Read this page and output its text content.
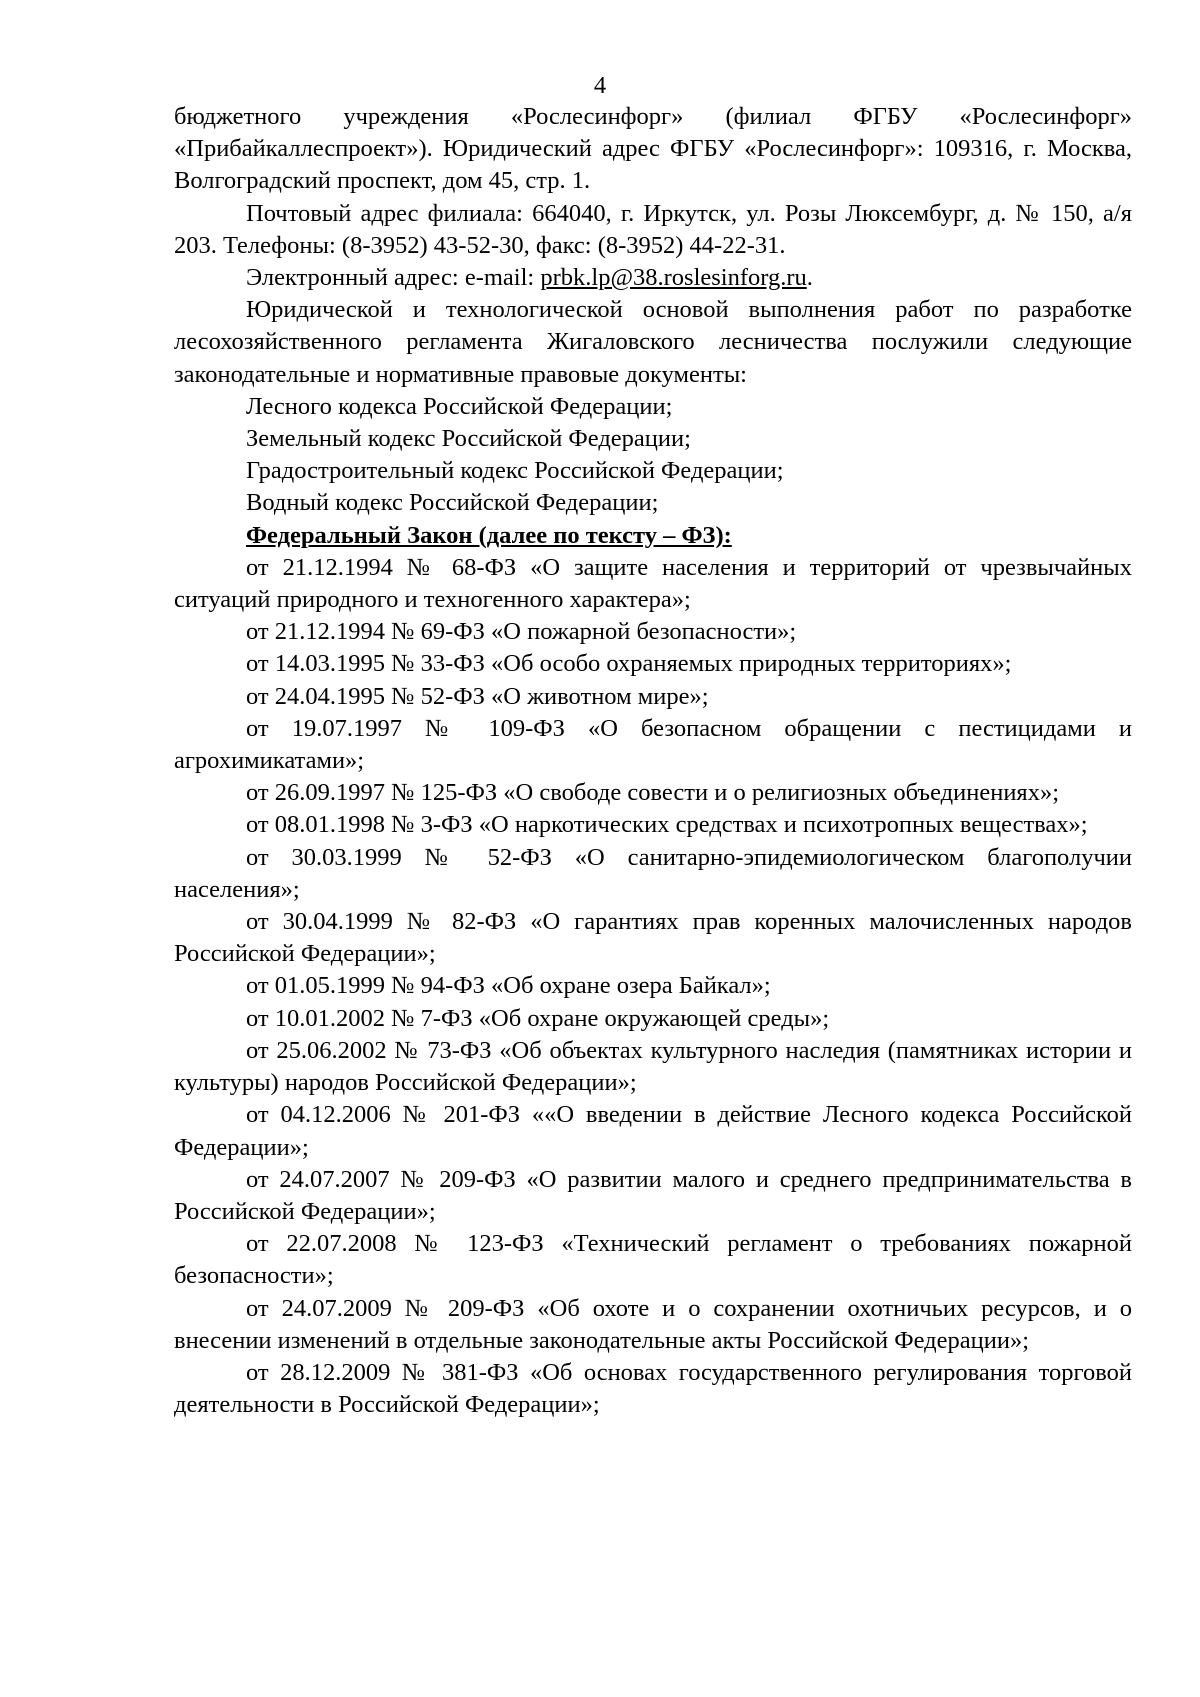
4

бюджетного учреждения «Рослесинфорг» (филиал ФГБУ «Рослесинфорг» «Прибайкаллеспроект»). Юридический адрес ФГБУ «Рослесинфорг»: 109316, г. Москва, Волгоградский проспект, дом 45, стр. 1.

Почтовый адрес филиала: 664040, г. Иркутск, ул. Розы Люксембург, д. № 150, а/я 203. Телефоны: (8-3952) 43-52-30, факс: (8-3952) 44-22-31.

Электронный адрес: e-mail: prbk.lp@38.roslesinforg.ru.

Юридической и технологической основой выполнения работ по разработке лесохозяйственного регламента Жигаловского лесничества послужили следующие законодательные и нормативные правовые документы:

Лесного кодекса Российской Федерации;

Земельный кодекс Российской Федерации;

Градостроительный кодекс Российской Федерации;

Водный кодекс Российской Федерации;

Федеральный Закон (далее по тексту – ФЗ):

от 21.12.1994 № 68-ФЗ «О защите населения и территорий от чрезвычайных ситуаций природного и техногенного характера»;

от 21.12.1994 № 69-ФЗ «О пожарной безопасности»;

от 14.03.1995 № 33-ФЗ «Об особо охраняемых природных территориях»;

от 24.04.1995 № 52-ФЗ «О животном мире»;

от 19.07.1997 № 109-ФЗ «О безопасном обращении с пестицидами и агрохимикатами»;

от 26.09.1997 № 125-ФЗ «О свободе совести и о религиозных объединениях»;

от 08.01.1998 № 3-ФЗ «О наркотических средствах и психотропных веществах»;

от 30.03.1999 № 52-ФЗ «О санитарно-эпидемиологическом благополучии населения»;

от 30.04.1999 № 82-ФЗ «О гарантиях прав коренных малочисленных народов Российской Федерации»;

от 01.05.1999 № 94-ФЗ «Об охране озера Байкал»;

от 10.01.2002 № 7-ФЗ «Об охране окружающей среды»;

от 25.06.2002 № 73-ФЗ «Об объектах культурного наследия (памятниках истории и культуры) народов Российской Федерации»;

от 04.12.2006 № 201-ФЗ ««О введении в действие Лесного кодекса Российской Федерации»;

от 24.07.2007 № 209-ФЗ «О развитии малого и среднего предпринимательства в Российской Федерации»;

от 22.07.2008 № 123-ФЗ «Технический регламент о требованиях пожарной безопасности»;

от 24.07.2009 № 209-ФЗ «Об охоте и о сохранении охотничьих ресурсов, и о внесении изменений в отдельные законодательные акты Российской Федерации»;

от 28.12.2009 № 381-ФЗ «Об основах государственного регулирования торговой деятельности в Российской Федерации»;
